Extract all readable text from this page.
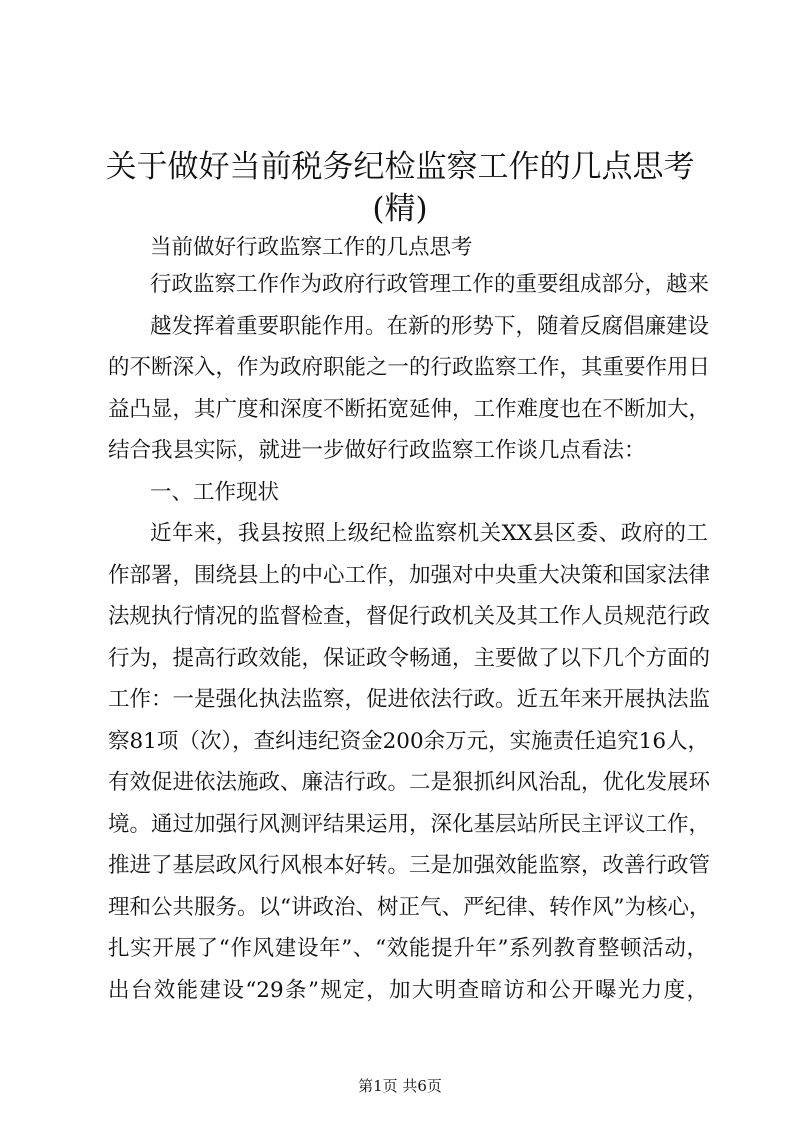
关于做好当前税务纪检监察工作的几点思考
(精)
当前做好行政监察工作的几点思考
行政监察工作作为政府行政管理工作的重要组成部分，越来
越发挥着重要职能作用。在新的形势下，随着反腐倡廉建设
的不断深入，作为政府职能之一的行政监察工作，其重要作用日
益凸显，其广度和深度不断拓宽延伸，工作难度也在不断加大，
结合我县实际，就进一步做好行政监察工作谈几点看法：
一、工作现状
近年来，我县按照上级纪检监察机关XX县区委、政府的工
作部署，围绕县上的中心工作，加强对中央重大决策和国家法律
法规执行情况的监督检查，督促行政机关及其工作人员规范行政
行为，提高行政效能，保证政令畅通，主要做了以下几个方面的
工作：一是强化执法监察，促进依法行政。近五年来开展执法监
察81项（次），查纠违纪资金200余万元，实施责任追究16人，
有效促进依法施政、廉洁行政。二是狠抓纠风治乱，优化发展环
境。通过加强行风测评结果运用，深化基层站所民主评议工作，
推进了基层政风行风根本好转。三是加强效能监察，改善行政管
理和公共服务。以“讲政治、树正气、严纪律、转作风”为核心，
扎实开展了“作风建设年”、“效能提升年”系列教育整顿活动，
出台效能建设“29条”规定，加大明查暗访和公开曝光力度，
第1页 共6页
